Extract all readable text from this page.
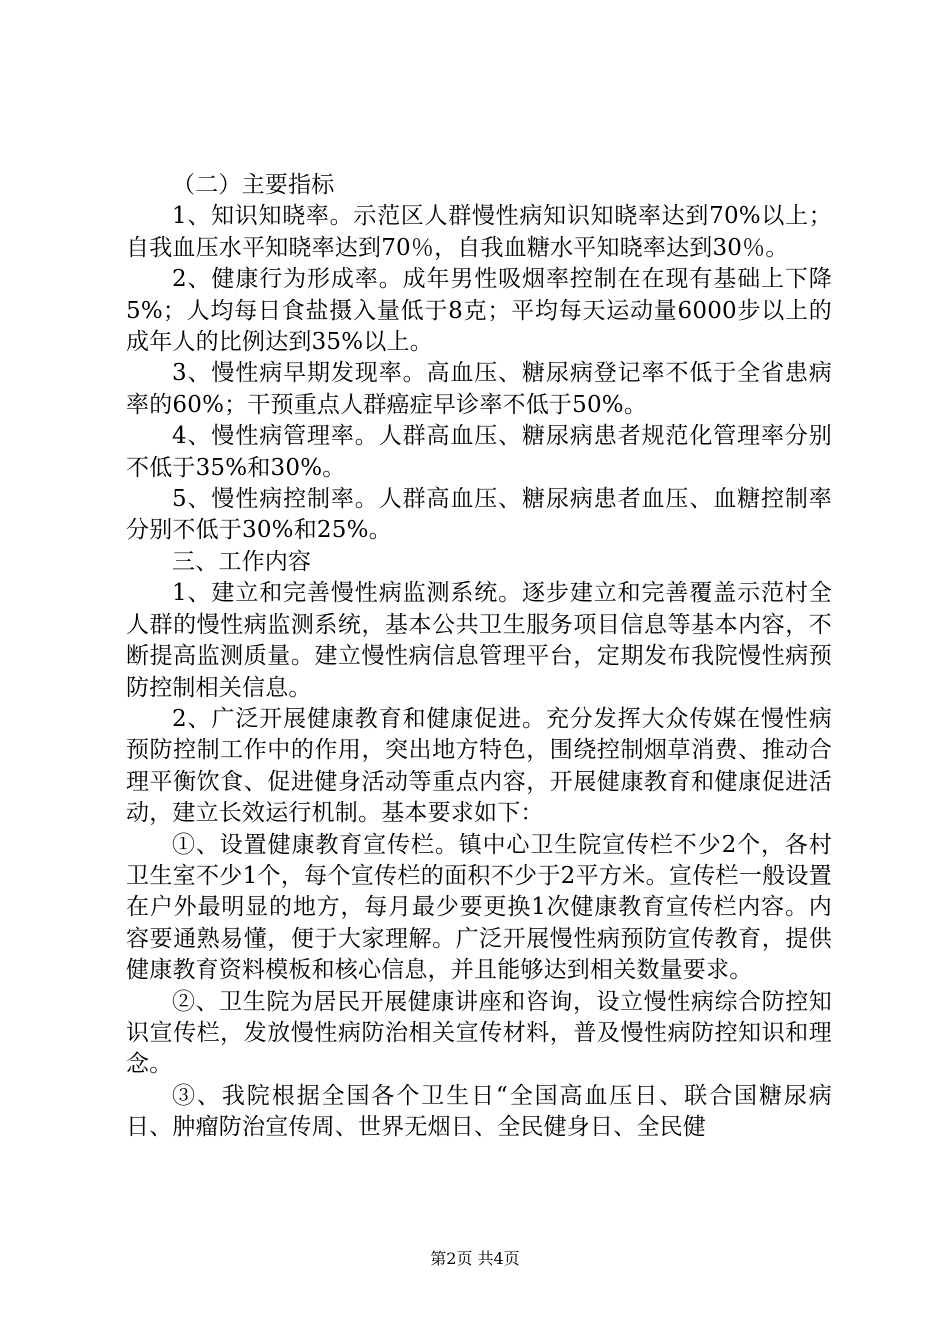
（二）主要指标

1、知识知晓率。示范区人群慢性病知识知晓率达到70%以上；自我血压水平知晓率达到70％，自我血糖水平知晓率达到30％。

2、健康行为形成率。成年男性吸烟率控制在在现有基础上下降5%；人均每日食盐摄入量低于8克；平均每天运动量6000步以上的成年人的比例达到35%以上。

3、慢性病早期发现率。高血压、糖尿病登记率不低于全省患病率的60%；干预重点人群癌症早诊率不低于50%。

4、慢性病管理率。人群高血压、糖尿病患者规范化管理率分别不低于35%和30%。

5、慢性病控制率。人群高血压、糖尿病患者血压、血糖控制率分别不低于30%和25%。

三、工作内容

1、建立和完善慢性病监测系统。逐步建立和完善覆盖示范村全人群的慢性病监测系统，基本公共卫生服务项目信息等基本内容，不断提高监测质量。建立慢性病信息管理平台，定期发布我院慢性病预防控制相关信息。

2、广泛开展健康教育和健康促进。充分发挥大众传媒在慢性病预防控制工作中的作用，突出地方特色，围绕控制烟草消费、推动合理平衡饮食、促进健身活动等重点内容，开展健康教育和健康促进活动，建立长效运行机制。基本要求如下：

①、设置健康教育宣传栏。镇中心卫生院宣传栏不少2个，各村卫生室不少1个，每个宣传栏的面积不少于2平方米。宣传栏一般设置在户外最明显的地方，每月最少要更换1次健康教育宣传栏内容。内容要通熟易懂，便于大家理解。广泛开展慢性病预防宣传教育，提供健康教育资料模板和核心信息，并且能够达到相关数量要求。

②、卫生院为居民开展健康讲座和咨询，设立慢性病综合防控知识宣传栏，发放慢性病防治相关宣传材料，普及慢性病防控知识和理念。

③、我院根据全国各个卫生日“全国高血压日、联合国糖尿病日、肿瘤防治宣传周、世界无烟日、全民健身日、全民健

第2页 共4页
